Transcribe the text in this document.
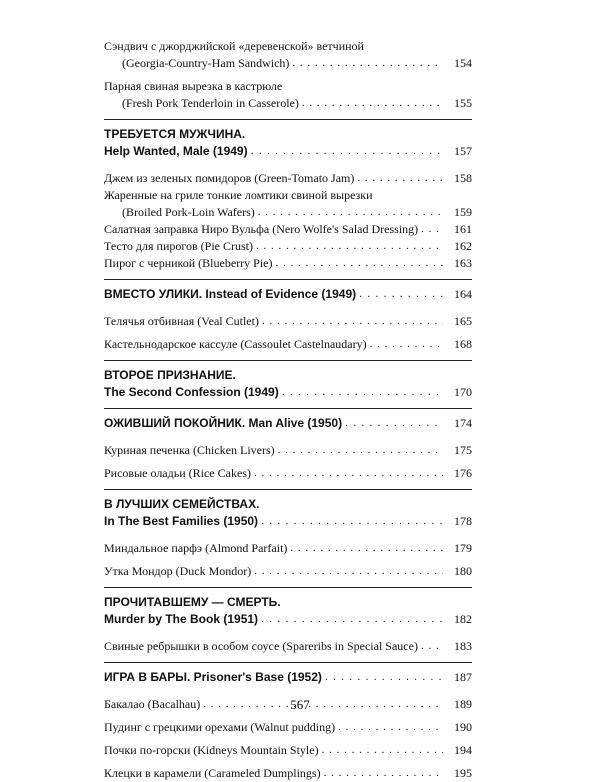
Сэндвич с джорджийской «деревенской» ветчиной
(Georgia-Country-Ham Sandwich) . . .	154
Парная свиная вырезка в кастрюле
(Fresh Pork Tenderloin in Casserole) . . .	155
ТРЕБУЕТСЯ МУЖЧИНА.
Help Wanted, Male (1949) . . .	157
Джем из зеленых помидоров (Green-Tomato Jam) . . .	158
Жаренные на гриле тонкие ломтики свиной вырезки
(Broiled Pork-Loin Wafers) . . .	159
Салатная заправка Ниро Вульфа (Nero Wolfe's Salad Dressing) . . .	161
Тесто для пирогов (Pie Crust) . . .	162
Пирог с черникой (Blueberry Pie) . . .	163
ВМЕСТО УЛИКИ. Instead of Evidence (1949) . . .	164
Телячья отбивная (Veal Cutlet) . . .	165
Кастельнодарское кассуле (Cassoulet Castelnaudary) . . .	168
ВТОРОЕ ПРИЗНАНИЕ.
The Second Confession (1949) . . .	170
ОЖИВШИЙ ПОКОЙНИК. Man Alive (1950) . . .	174
Куриная печенка (Chicken Livers) . . .	175
Рисовые оладьи (Rice Cakes) . . .	176
В ЛУЧШИХ СЕМЕЙСТВАХ.
In The Best Families (1950) . . .	178
Миндальное парфэ (Almond Parfait) . . .	179
Утка Мондор (Duck Mondor) . . .	180
ПРОЧИТАВШЕМУ — СМЕРТЬ.
Murder by The Book (1951) . . .	182
Свиные ребрышки в особом соусе (Spareribs in Special Sauce) . . .	183
ИГРА В БАРЫ. Prisoner's Base (1952) . . .	187
Бакалао (Bacalhau) . . .	189
Пудинг с грецкими орехами (Walnut pudding) . . .	190
Почки по-горски (Kidneys Mountain Style) . . .	194
Клецки в карамели (Carameled Dumplings) . . .	195
567
